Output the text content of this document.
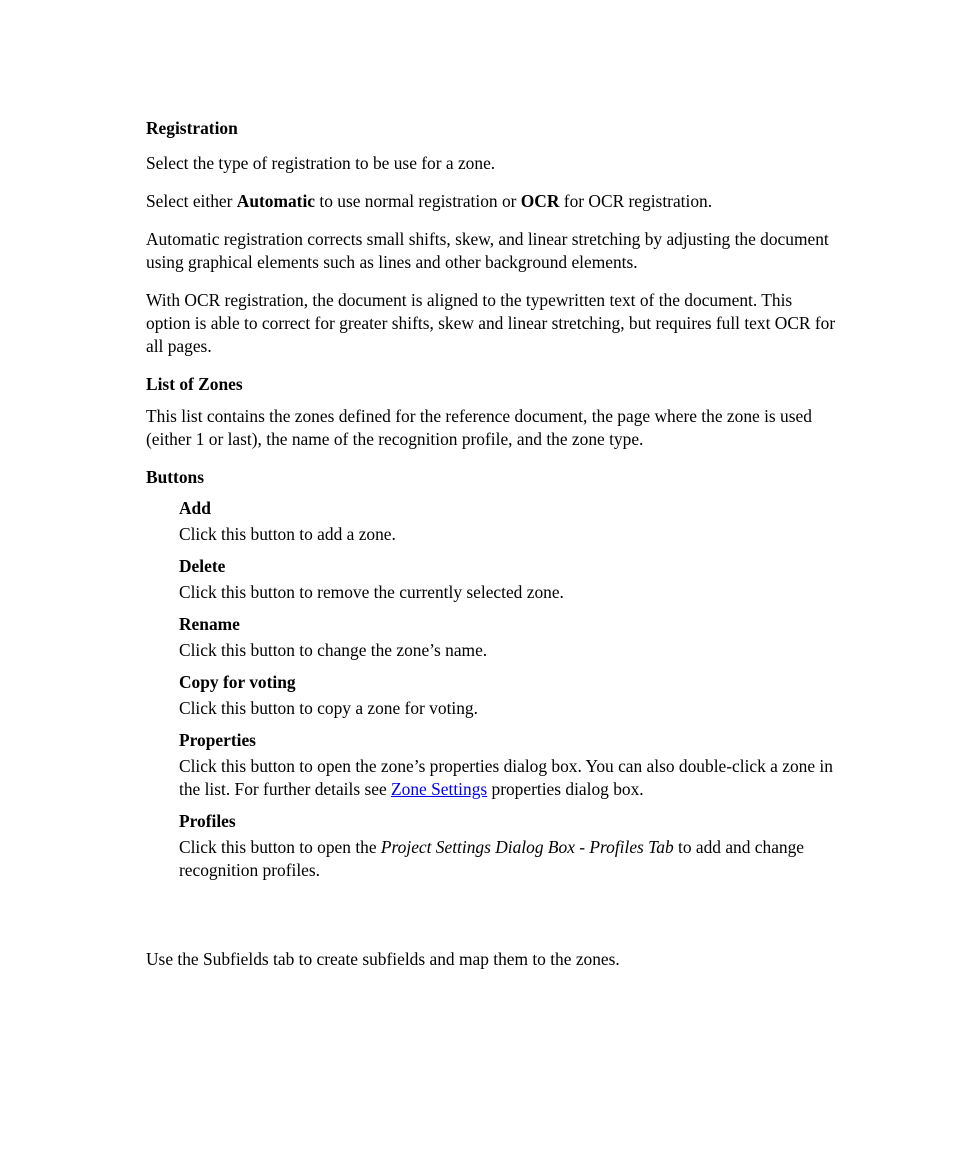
Registration
Select the type of registration to be use for a zone.
Select either Automatic to use normal registration or OCR for OCR registration.
Automatic registration corrects small shifts, skew, and linear stretching by adjusting the document using graphical elements such as lines and other background elements.
With OCR registration, the document is aligned to the typewritten text of the document. This option is able to correct for greater shifts, skew and linear stretching, but requires full text OCR for all pages.
List of Zones
This list contains the zones defined for the reference document, the page where the zone is used (either 1 or last), the name of the recognition profile, and the zone type.
Buttons
Add
Click this button to add a zone.
Delete
Click this button to remove the currently selected zone.
Rename
Click this button to change the zone’s name.
Copy for voting
Click this button to copy a zone for voting.
Properties
Click this button to open the zone’s properties dialog box. You can also double-click a zone in the list. For further details see Zone Settings properties dialog box.
Profiles
Click this button to open the Project Settings Dialog Box - Profiles Tab to add and change recognition profiles.

Use the Subfields tab to create subfields and map them to the zones.
